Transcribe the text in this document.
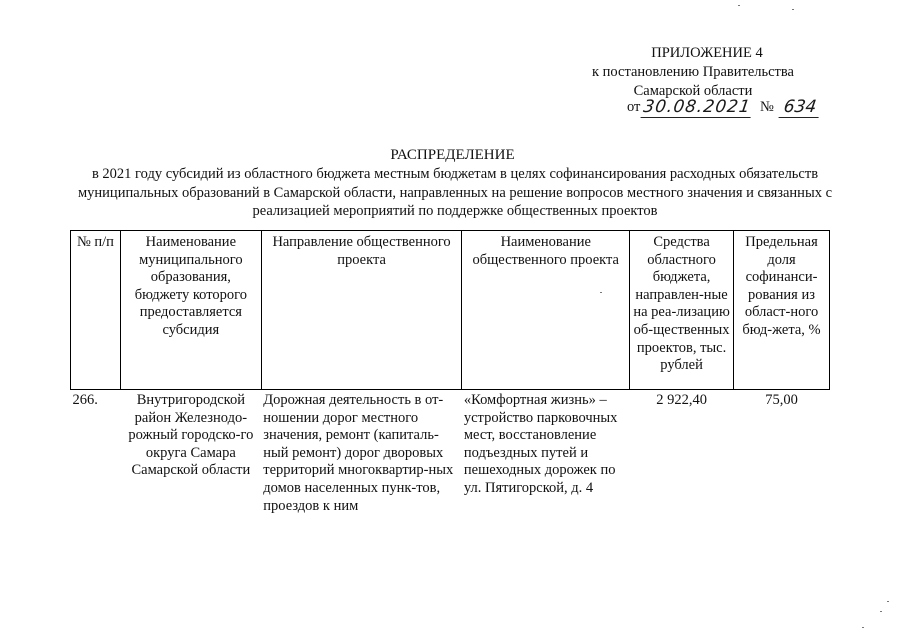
ПРИЛОЖЕНИЕ 4
к постановлению Правительства
Самарской области
от 30.08.2021 № 634
РАСПРЕДЕЛЕНИЕ
в 2021 году субсидий из областного бюджета местным бюджетам в целях софинансирования расходных обязательств муниципальных образований в Самарской области, направленных на решение вопросов местного значения и связанных с реализацией мероприятий по поддержке общественных проектов
№ п/п	Наименование муниципального образования, бюджету которого предоставляется субсидия	Направление общественного проекта	Наименование общественного проекта	Средства областного бюджета, направлен-ные на реа-лизацию об-щественных проектов, тыс. рублей	Предельная доля софинанси-рования из област-ного бюд-жета, %
266.	Внутригородской район Железнодо-рожный городско-го округа Самара Самарской области	Дорожная деятельность в от-ношении дорог местного значения, ремонт (капиталь-ный ремонт) дорог дворовых территорий многоквартир-ных домов населенных пунк-тов, проездов к ним	«Комфортная жизнь» – устройство парковочных мест, восстановление подъездных путей и пешеходных дорожек по ул. Пятигорской, д. 4	2 922,40	75,00
